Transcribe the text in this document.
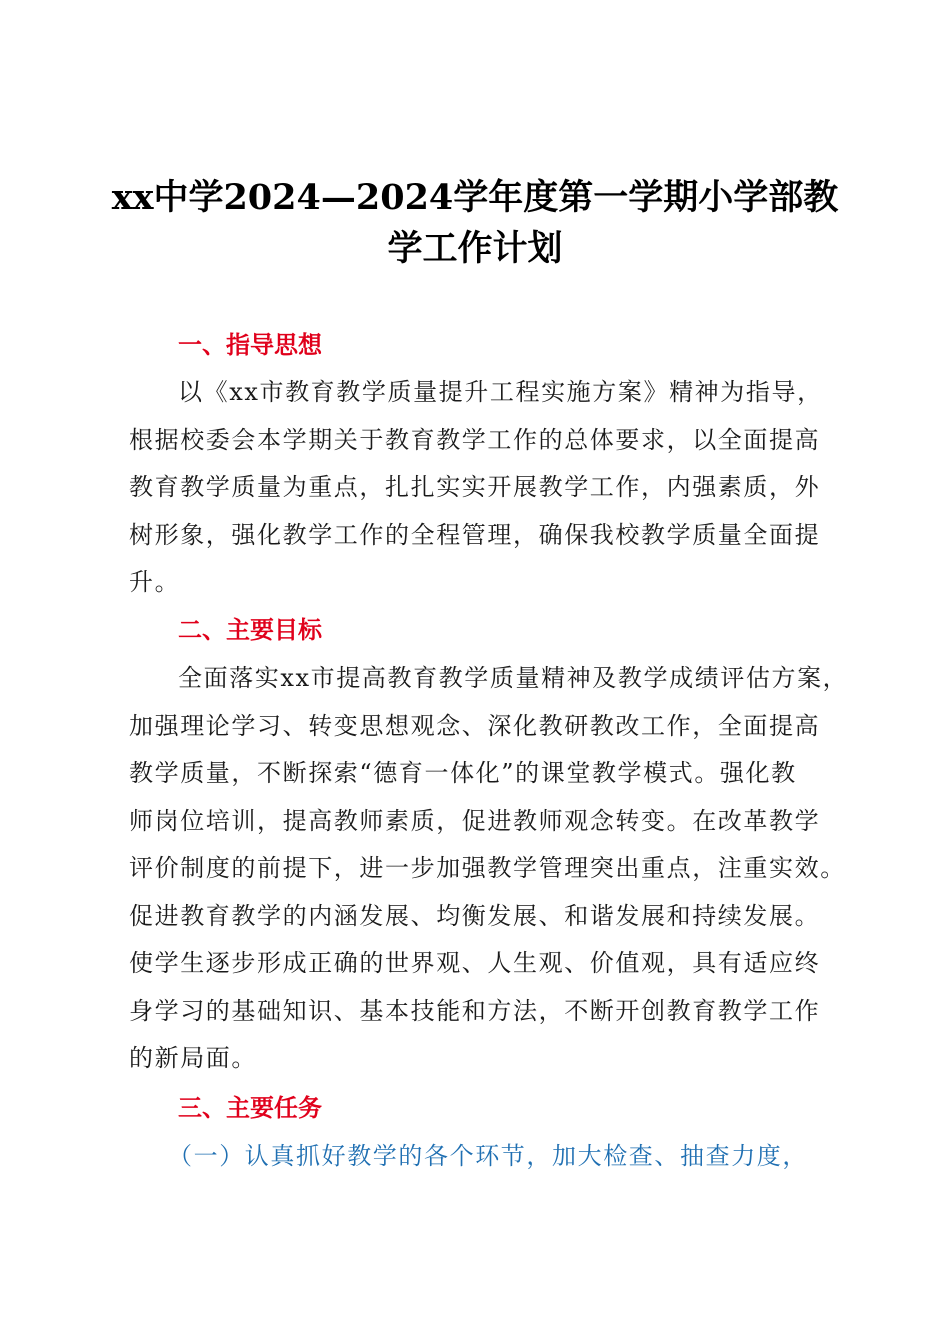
xx中学2024—2024学年度第一学期小学部教
学工作计划
一、指导思想

以《xx市教育教学质量提升工程实施方案》精神为指导，
根据校委会本学期关于教育教学工作的总体要求，以全面提高
教育教学质量为重点，扎扎实实开展教学工作，内强素质，外
树形象，强化教学工作的全程管理，确保我校教学质量全面提
升。

二、主要目标

全面落实xx市提高教育教学质量精神及教学成绩评估方案，
加强理论学习、转变思想观念、深化教研教改工作，全面提高
教学质量，不断探索“德育一体化”的课堂教学模式。强化教
师岗位培训，提高教师素质，促进教师观念转变。在改革教学
评价制度的前提下，进一步加强教学管理突出重点，注重实效。
促进教育教学的内涵发展、均衡发展、和谐发展和持续发展。
使学生逐步形成正确的世界观、人生观、价值观，具有适应终
身学习的基础知识、基本技能和方法，不断开创教育教学工作
的新局面。

三、主要任务

（一）认真抓好教学的各个环节，加大检查、抽查力度，
